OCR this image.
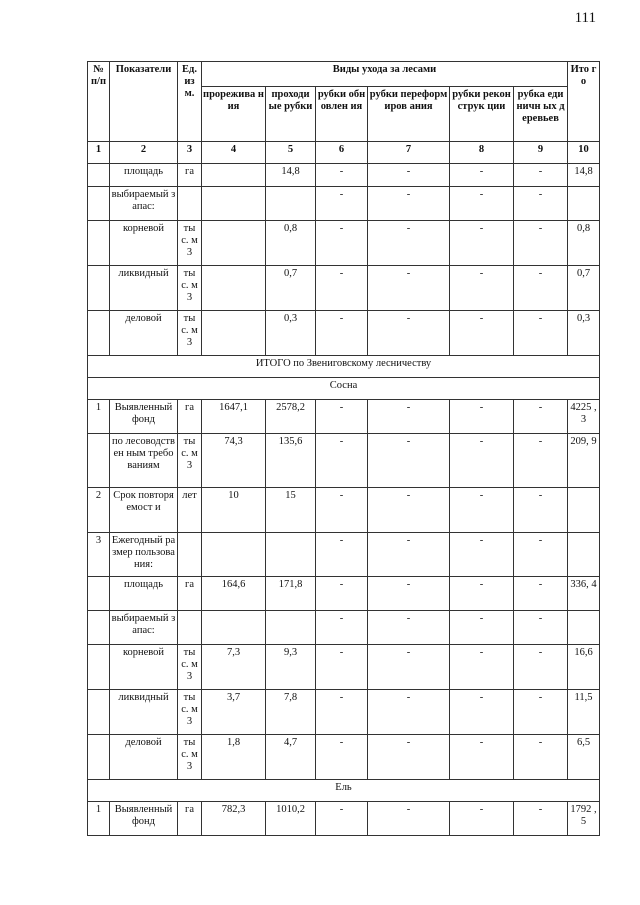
111
№ п/п	Показатели	Ед. из м.	Виды ухода за лесами						Ито го
			прорежива ния	проходи ые рубки	рубки обновлен ия	рубки переформиров ания	рубки реконструк ции	рубка единичн ых деревьев	
1	2	3	4	5	6	7	8	9	10
	площадь	га		14,8	-	-	-	-	14,8
	выбираемый запас:				-	-	-	-	
	корневой	ты с. м3		0,8	-	-	-	-	0,8
	ликвидный	ты с. м3		0,7	-	-	-	-	0,7
	деловой	ты с. м3		0,3	-	-	-	-	0,3
ИТОГО по Звениговскому лесничеству									
Сосна									
1	Выявленный фонд	га	1647,1	2578,2	-	-	-	-	4225 ,3
	по лесоводствен ным требованиям	ты с. м3	74,3	135,6	-	-	-	-	209, 9
2	Срок повторяемост и	лет	10	15	-	-	-	-	
3	Ежегодный размер пользования:				-	-	-	-	
	площадь	га	164,6	171,8	-	-	-	-	336, 4
	выбираемый запас:				-	-	-	-	
	корневой	ты с. м3	7,3	9,3	-	-	-	-	16,6
	ликвидный	ты с. м3	3,7	7,8	-	-	-	-	11,5
	деловой	ты с. м3	1,8	4,7	-	-	-	-	6,5
Ель									
1	Выявленный фонд	га	782,3	1010,2	-	-	-	-	1792 ,5
